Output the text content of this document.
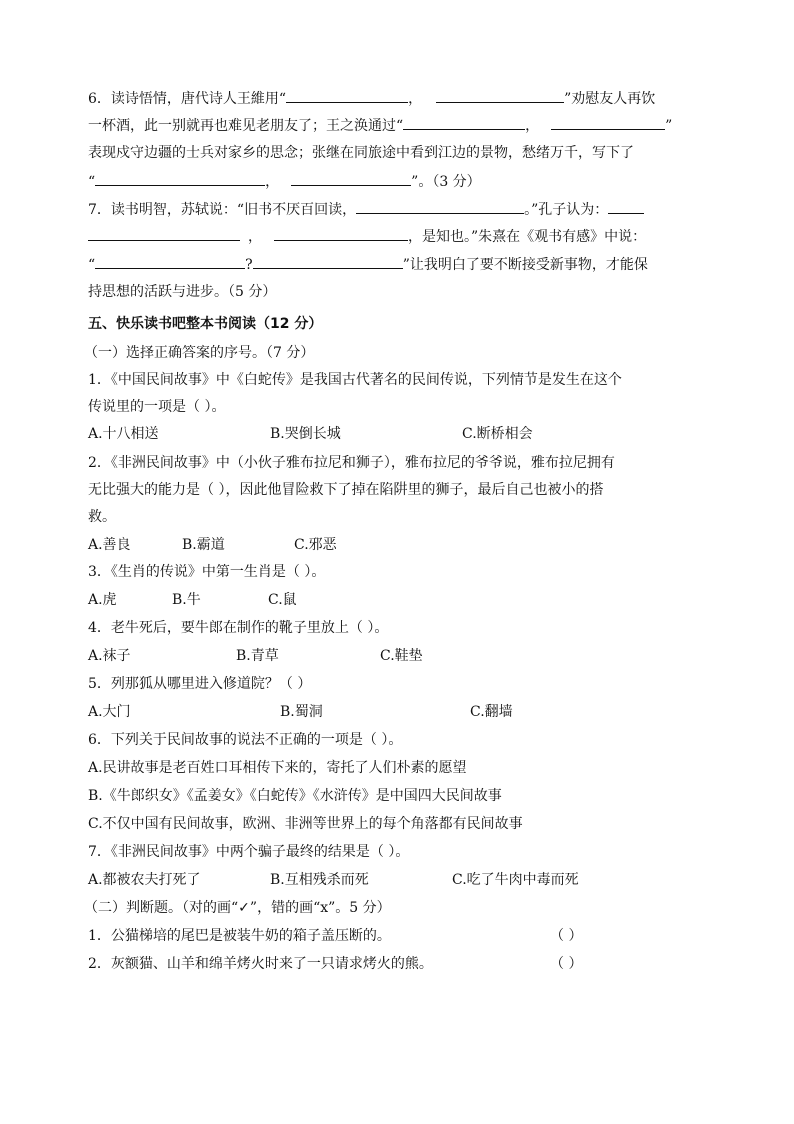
6．读诗悟情，唐代诗人王維用“	，	”劝慰友人再饮
一杯酒，此一别就再也难见老朋友了；王之涣通过“	，	”
表现戍守边疆的士兵对家乡的思念；张继在同旅途中看到江边的景物，愁绪万千，写下了
“	，	”。（3 分）
7．读书明智，苏轼说：“旧书不厌百回读，	。”孔子认为：
，	，是知也。”朱熹在《观书有感》中说：
“	?	”让我明白了要不断接受新事物，才能保
持思想的活跃与进步。（5 分）
五、快乐读书吧整本书阅读（12 分）
（一）选择正确答案的序号。（7 分）
1．《中国民间故事》中《白蛇传》是我国古代著名的民间传说，下列情节是发生在这个
传说里的一项是（ ）。
A.十八相送	B.哭倒长城	C.断桥相会
2．《非洲民间故事》中（小伙子雅布拉尼和狮子），雅布拉尼的爷爷说，雅布拉尼拥有
无比强大的能力是（ ），因此他冒险救下了掉在陷阱里的狮子，最后自己也被小的搭
救。
A.善良	B.霸道	C.邪恶
3．《生肖的传说》中第一生肖是（ ）。
A.虎	B.牛	C.鼠
4．老牛死后，要牛郎在制作的靴子里放上（ ）。
A.袜子	B.青草	C.鞋垫
5．列那狐从哪里进入修道院？（ ）
A.大门	B.蜀洞	C.翻墙
6．下列关于民间故事的说法不正确的一项是（ ）。
A.民讲故事是老百姓口耳相传下来的，寄托了人们朴素的愿望
B.《牛郎织女》《孟姜女》《白蛇传》《水浒传》是中国四大民间故事
C.不仅中国有民间故事，欧洲、非洲等世界上的每个角落都有民间故事
7．《非洲民间故事》中两个骗子最终的结果是（ ）。
A.都被农夫打死了	B.互相残杀而死	C.吃了牛肉中毒而死
（二）判断题。（对的画“✓”，错的画“x”。5 分）
1．公猫梯培的尾巴是被装牛奶的箱子盖压断的。	（ ）
2．灰额猫、山羊和绵羊烤火时来了一只请求烤火的熊。	（ ）
